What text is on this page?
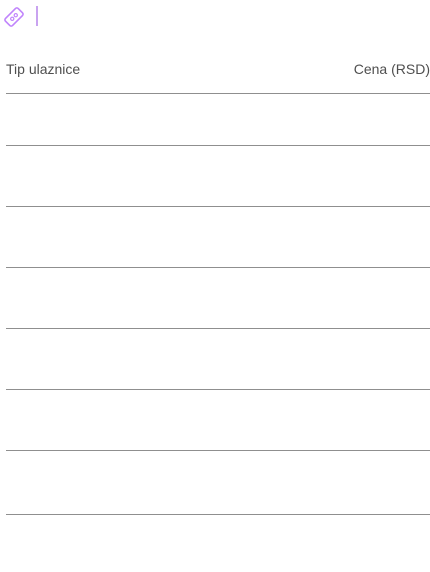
Tip ulaznice	Cena (RSD)
